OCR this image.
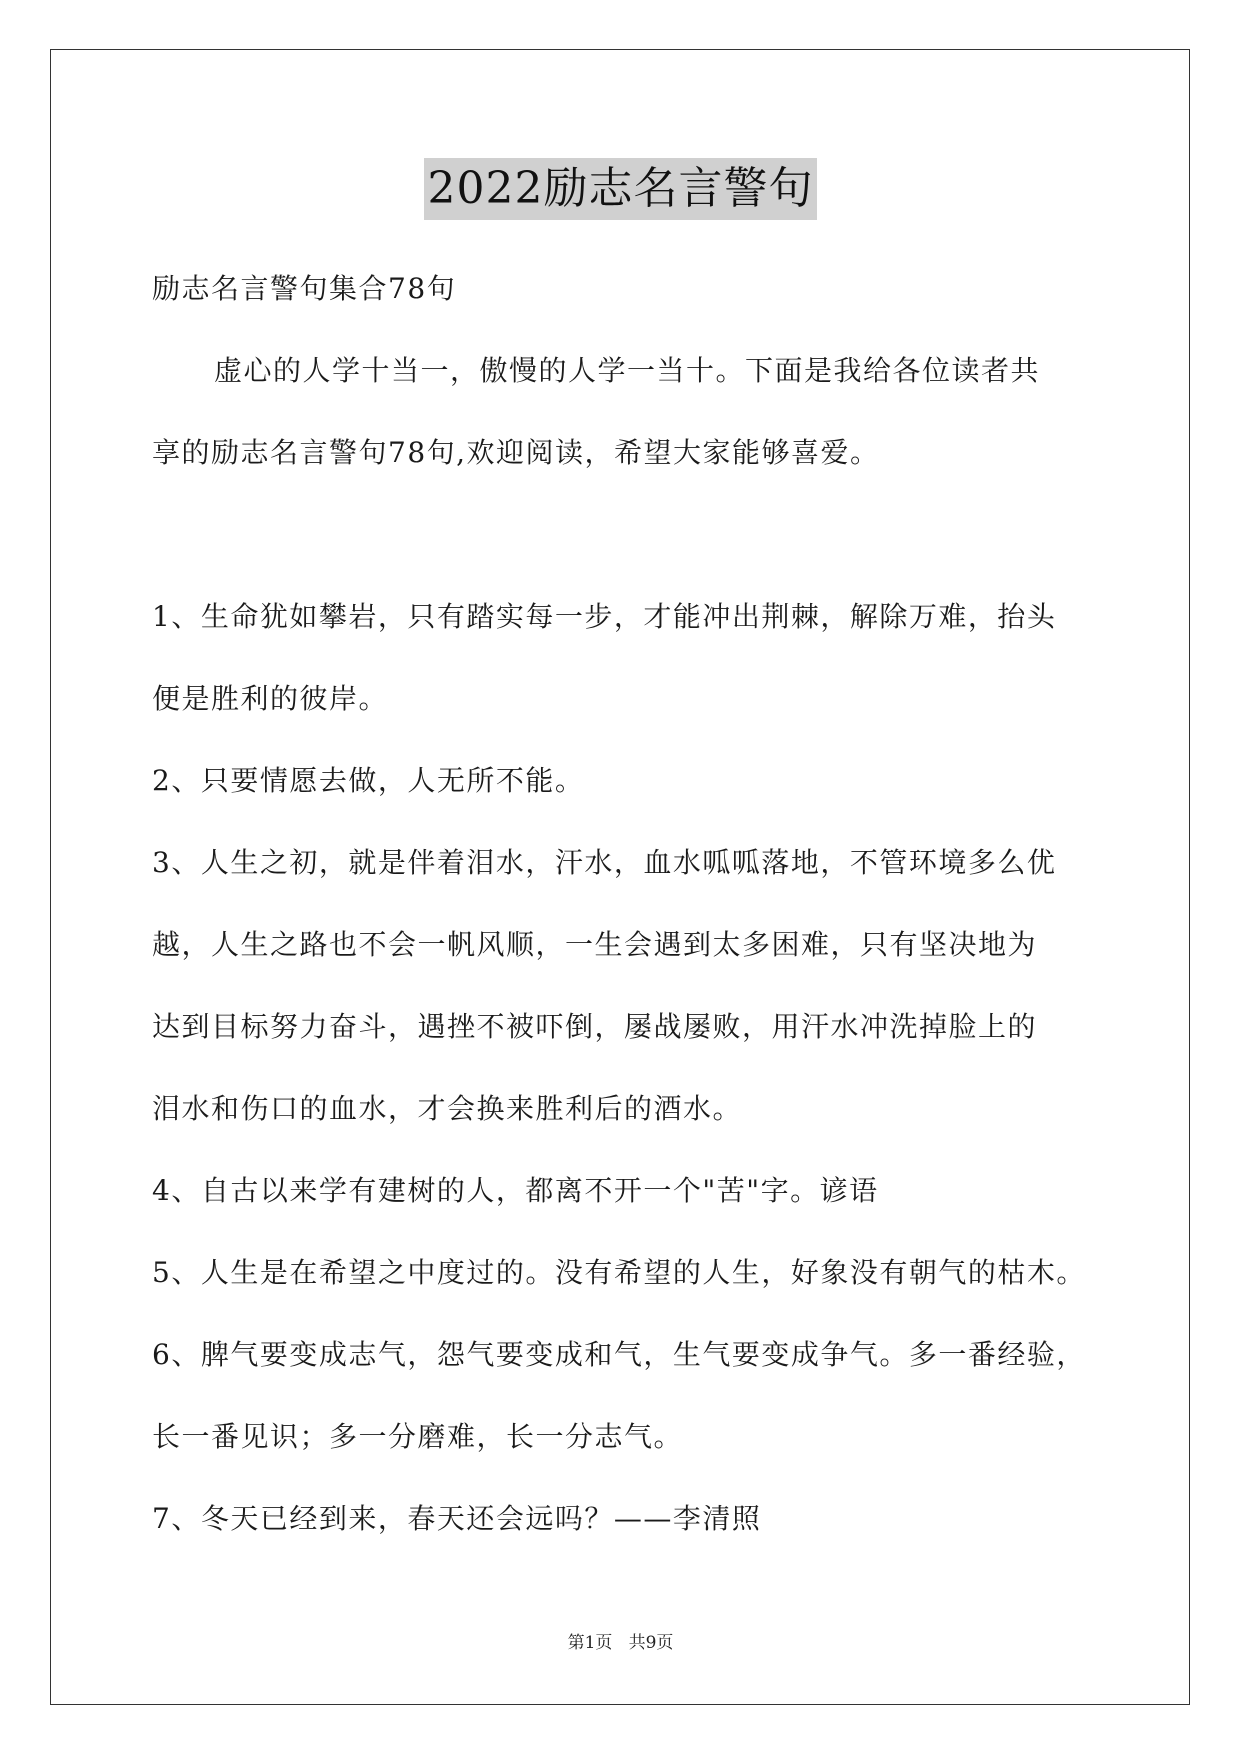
2022励志名言警句

励志名言警句集合78句

虚心的人学十当一，傲慢的人学一当十。下面是我给各位读者共

享的励志名言警句78句,欢迎阅读，希望大家能够喜爱。

1、生命犹如攀岩，只有踏实每一步，才能冲出荆棘，解除万难，抬头

便是胜利的彼岸。

2、只要情愿去做，人无所不能。

3、人生之初，就是伴着泪水，汗水，血水呱呱落地，不管环境多么优

越，人生之路也不会一帆风顺，一生会遇到太多困难，只有坚决地为

达到目标努力奋斗，遇挫不被吓倒，屡战屡败，用汗水冲洗掉脸上的

泪水和伤口的血水，才会换来胜利后的酒水。

4、自古以来学有建树的人，都离不开一个"苦"字。谚语

5、人生是在希望之中度过的。没有希望的人生，好象没有朝气的枯木。

6、脾气要变成志气，怨气要变成和气，生气要变成争气。多一番经验，

长一番见识；多一分磨难，长一分志气。

7、冬天已经到来，春天还会远吗？——李清照

第1页   共9页
